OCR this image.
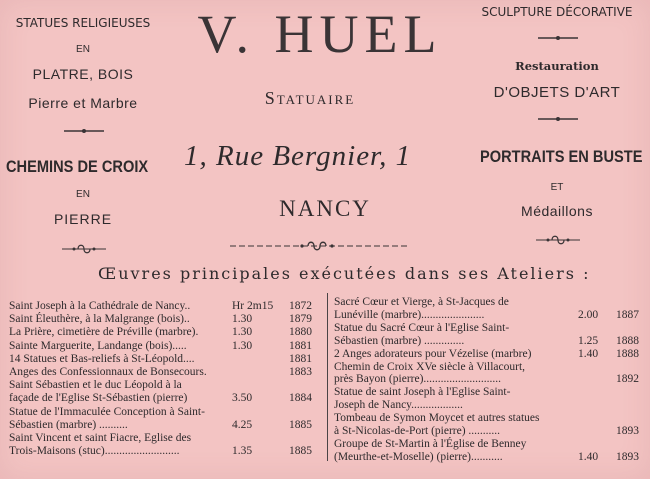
STATUES RELIGIEUSES
EN
PLATRE, BOIS
Pierre et Marbre
CHEMINS DE CROIX
EN
PIERRE
V. HUEL
Statuaire
1, Rue Bergnier, 1
NANCY
SCULPTURE DÉCORATIVE
Restauration
D'OBJETS D'ART
PORTRAITS EN BUSTE
ET
Médaillons
Œuvres principales exécutées dans ses Ateliers :
Saint Joseph à la Cathédrale de Nancy..	Hr 2m15 1872
Saint Éleuthère, à la Malgrange (bois)..	1.30	1879
La Prière, cimetière de Préville (marbre).	1.30	1880
Sainte Marguerite, Landange (bois).....	1.30	1881
14 Statues et Bas-reliefs à St-Léopold....	1881
Anges des Confessionnaux de Bonsecours.	1883
Saint Sébastien et le duc Léopold à la
façade de l'Eglise St-Sébastien (pierre)	3.50	1884
Statue de l'Immaculée Conception à Saint-
Sébastien (marbre) ..........	4.25	1885
Saint Vincent et saint Fiacre, Eglise des
Trois-Maisons (stuc)..........................	1.35	1885
Sacré Cœur et Vierge, à St-Jacques de
Lunéville (marbre)......................	2.00 1887
Statue du Sacré Cœur à l'Eglise Saint-
Sébastien (marbre) ..............	1.25 1888
2 Anges adorateurs pour Vézelise (marbre)	1.40 1888
Chemin de Croix XVe siècle à Villacourt,
près Bayon (pierre)...........................	1892
Statue de saint Joseph à l'Eglise Saint-
Joseph de Nancy..................
Tombeau de Symon Moycet et autres statues
à St-Nicolas-de-Port (pierre) ...........	1893
Groupe de St-Martin à l'Église de Benney
(Meurthe-et-Moselle) (pierre)...........	1.40 1893
